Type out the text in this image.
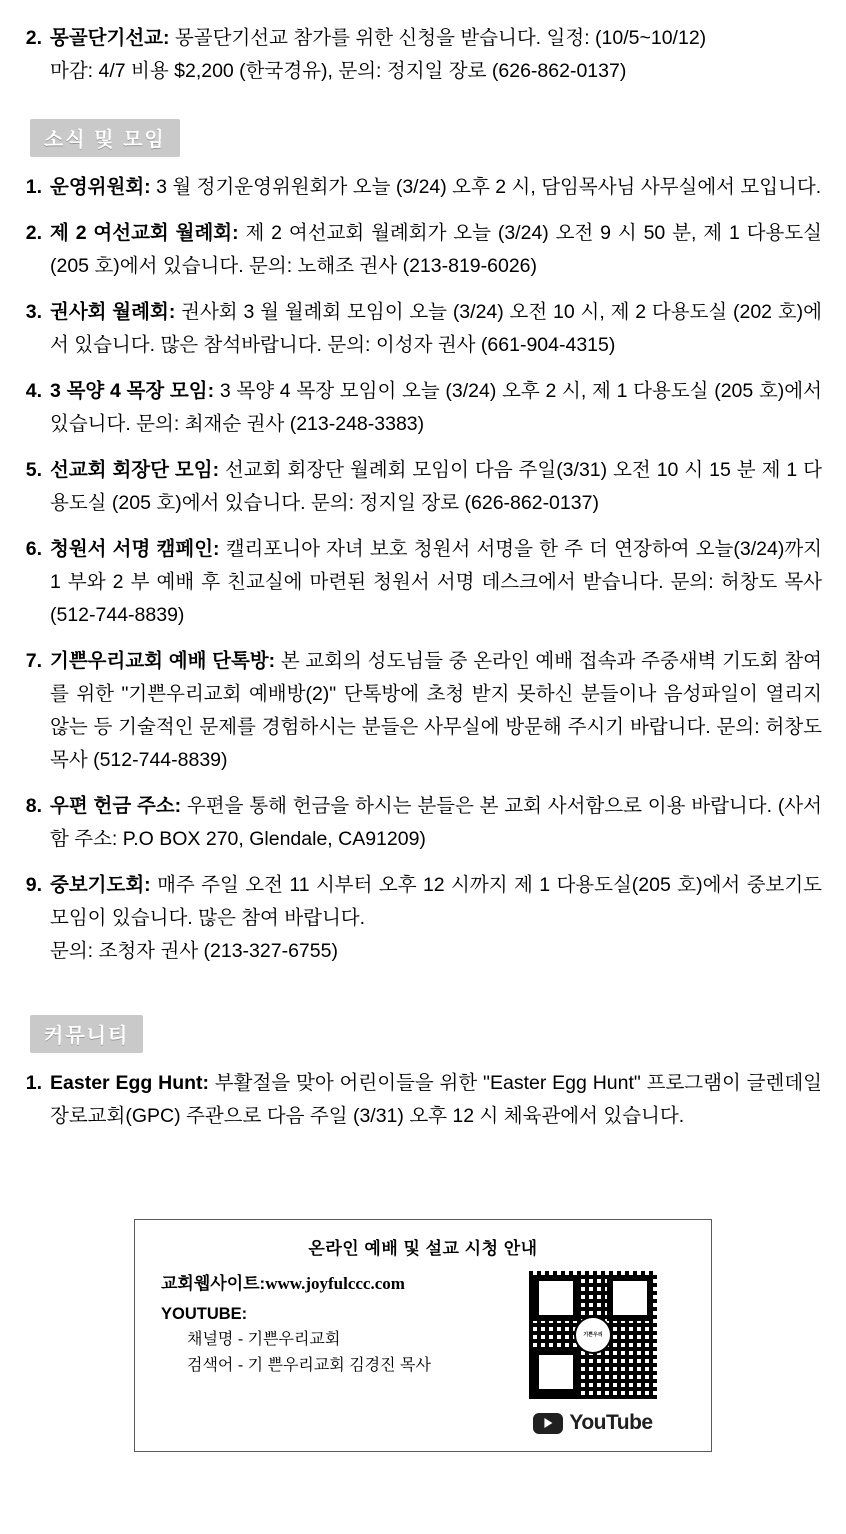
2. 몽골단기선교: 몽골단기선교 참가를 위한 신청을 받습니다. 일정: (10/5~10/12)
마감: 4/7 비용 $2,200 (한국경유), 문의: 정지일 장로 (626-862-0137)
소식 및 모임
1. 운영위원회: 3 월 정기운영위원회가 오늘 (3/24) 오후 2 시, 담임목사님 사무실에서 모입니다.
2. 제 2 여선교회 월례회: 제 2 여선교회 월례회가 오늘 (3/24) 오전 9 시 50 분, 제 1 다용도실 (205 호)에서 있습니다. 문의: 노해조 권사 (213-819-6026)
3. 권사회 월례회: 권사회 3 월 월례회 모임이 오늘 (3/24) 오전 10 시, 제 2 다용도실 (202 호)에서 있습니다. 많은 참석바랍니다. 문의: 이성자 권사 (661-904-4315)
4. 3 목양 4 목장 모임: 3 목양 4 목장 모임이 오늘 (3/24) 오후 2 시, 제 1 다용도실 (205 호)에서 있습니다. 문의: 최재순 권사 (213-248-3383)
5. 선교회 회장단 모임: 선교회 회장단 월례회 모임이 다음 주일(3/31) 오전 10 시 15 분 제 1 다용도실 (205 호)에서 있습니다. 문의: 정지일 장로 (626-862-0137)
6. 청원서 서명 캠페인: 캘리포니아 자녀 보호 청원서 서명을 한 주 더 연장하여 오늘(3/24)까지 1 부와 2 부 예배 후 친교실에 마련된 청원서 서명 데스크에서 받습니다. 문의: 허창도 목사 (512-744-8839)
7. 기쁜우리교회 예배 단톡방: 본 교회의 성도님들 중 온라인 예배 접속과 주중새벽 기도회 참여를 위한 "기쁜우리교회 예배방(2)" 단톡방에 초청 받지 못하신 분들이나 음성파일이 열리지 않는 등 기술적인 문제를 경험하시는 분들은 사무실에 방문해 주시기 바랍니다. 문의: 허창도 목사 (512-744-8839)
8. 우편 헌금 주소: 우편을 통해 헌금을 하시는 분들은 본 교회 사서함으로 이용 바랍니다. (사서함 주소: P.O BOX 270, Glendale, CA91209)
9. 중보기도회: 매주 주일 오전 11 시부터 오후 12 시까지 제 1 다용도실(205 호)에서 중보기도모임이 있습니다. 많은 참여 바랍니다.
문의: 조청자 권사 (213-327-6755)
커뮤니티
1. Easter Egg Hunt: 부활절을 맞아 어린이들을 위한 "Easter Egg Hunt" 프로그램이 글렌데일장로교회(GPC) 주관으로 다음 주일 (3/31) 오후 12 시 체육관에서 있습니다.
온라인 예배 및 설교 시청 안내
교회웹사이트:www.joyfulccc.com
YOUTUBE:
채널명 - 기쁜우리교회
검색어 - 기 쁜우리교회 김경진 목사
기쁜우리
YouTube
